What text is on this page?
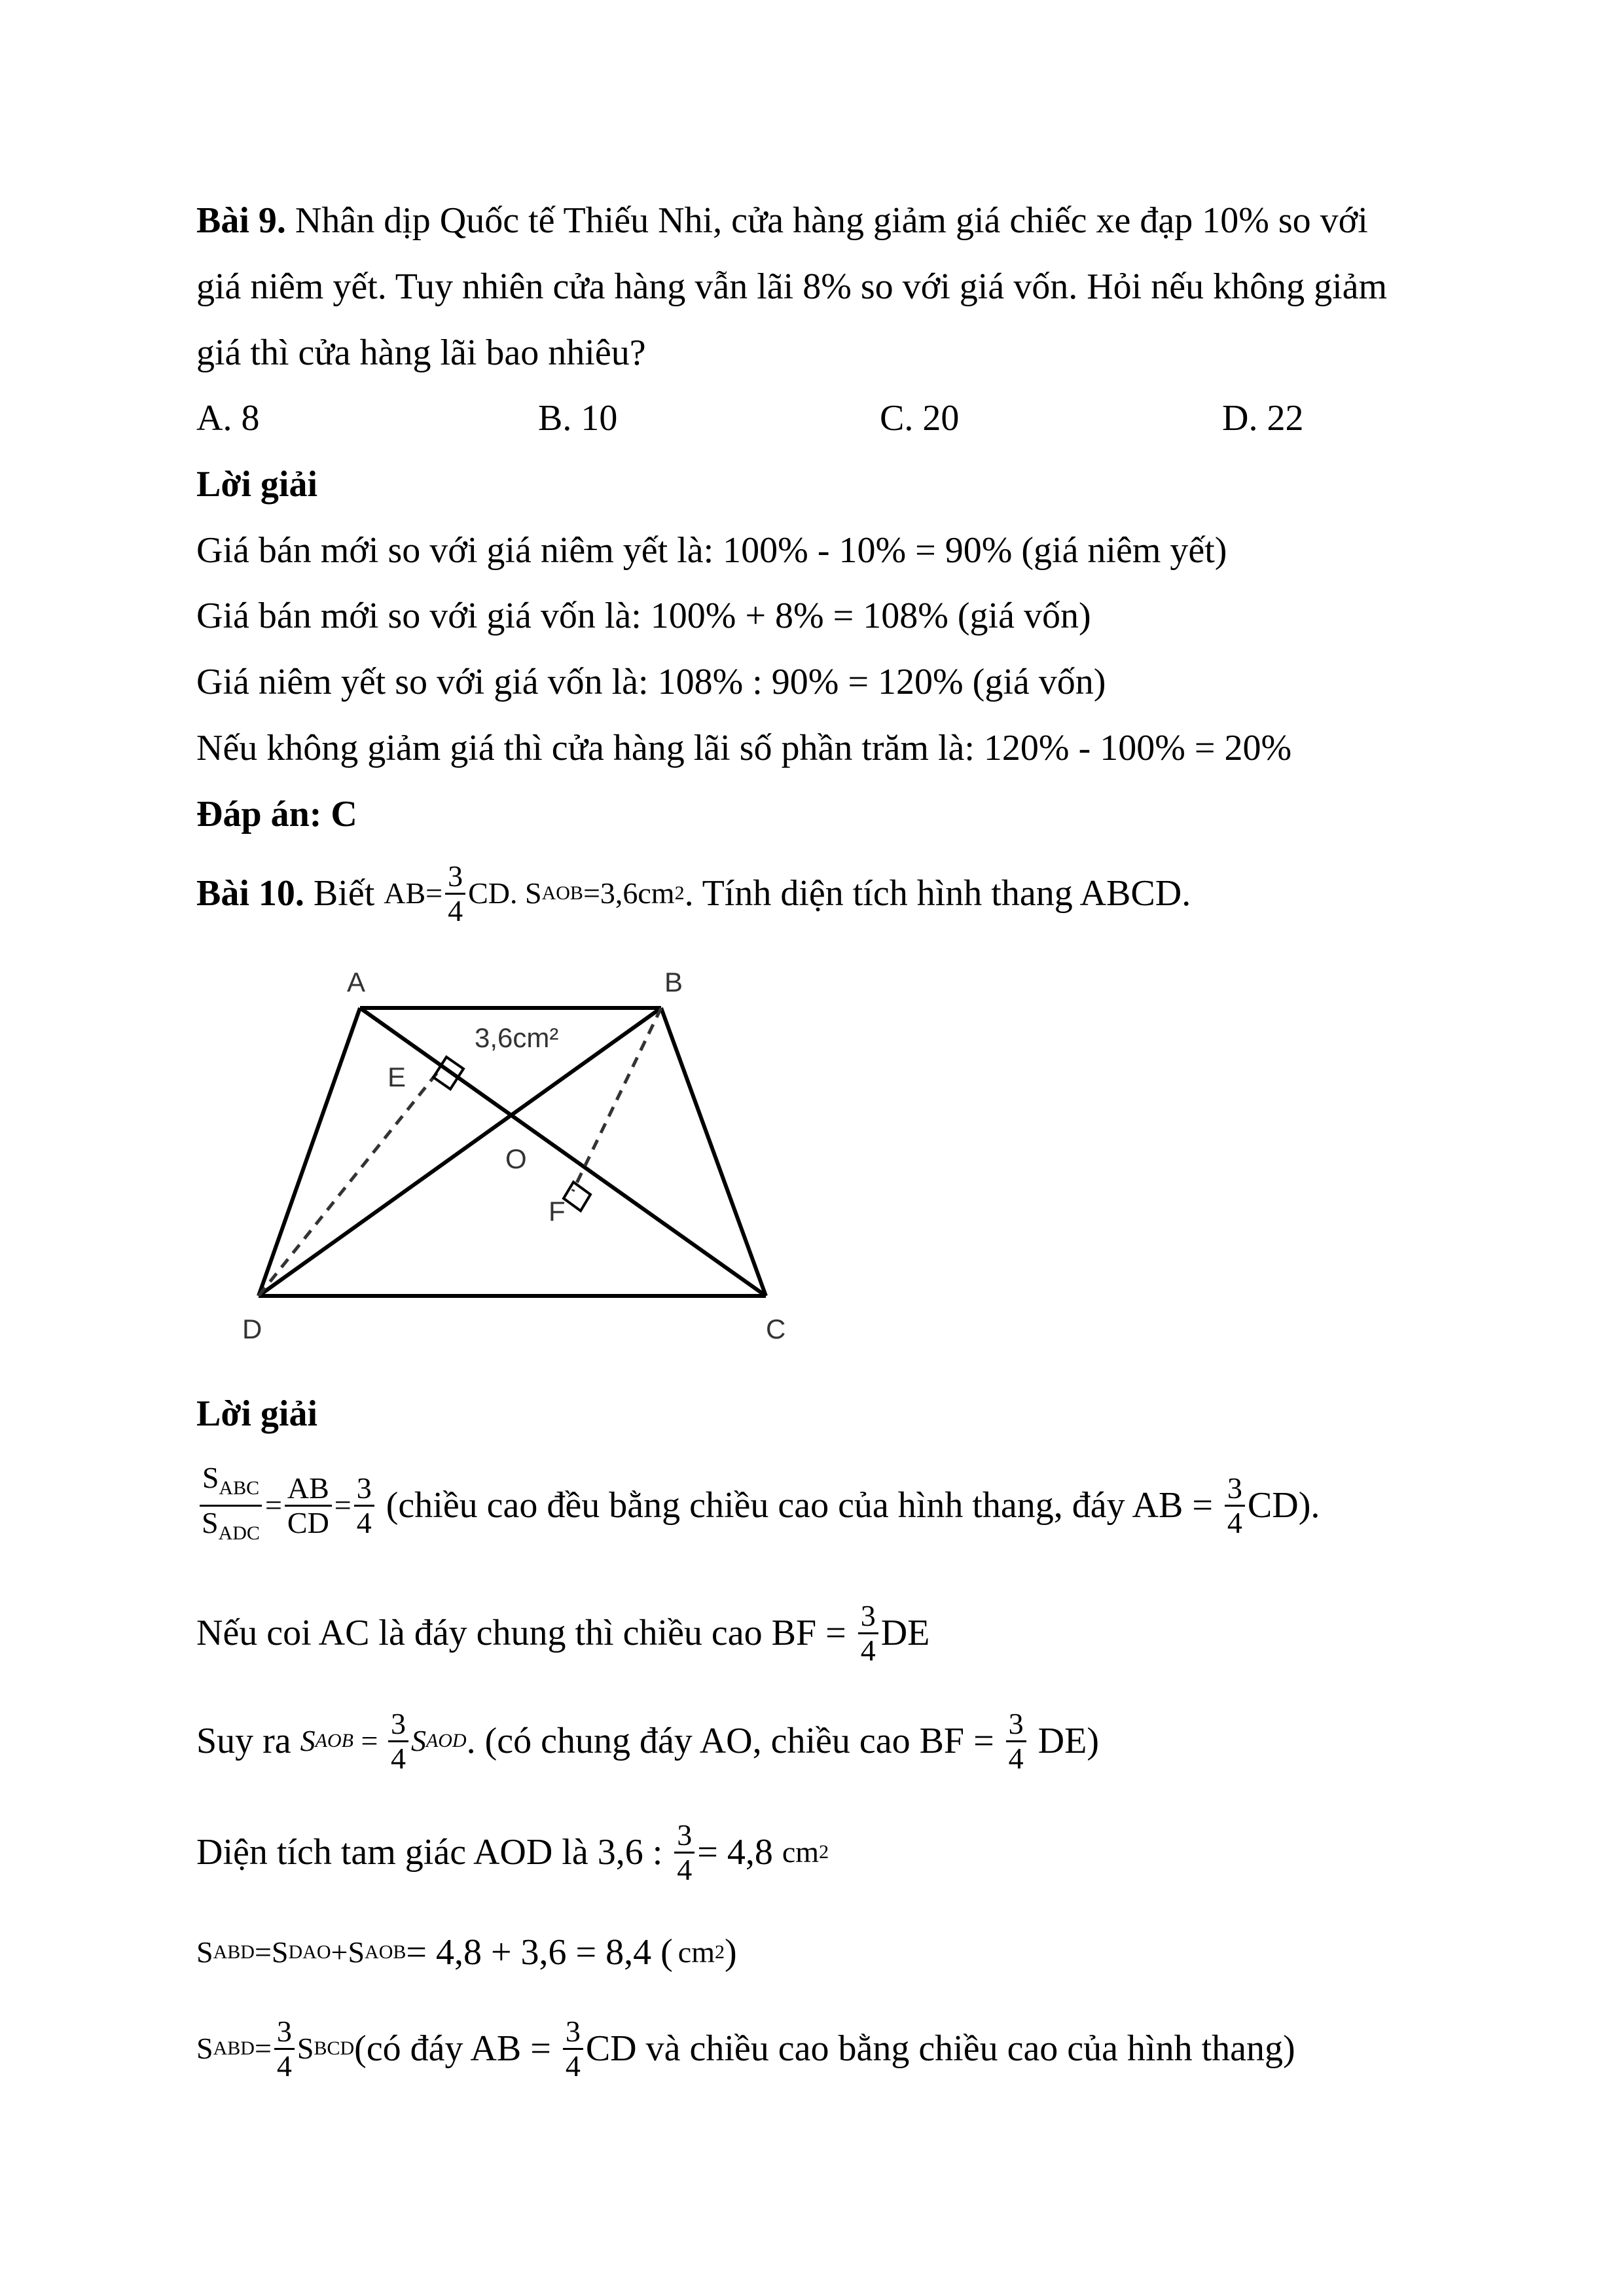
Bài 9. Nhân dịp Quốc tế Thiếu Nhi, cửa hàng giảm giá chiếc xe đạp 10% so với
giá niêm yết. Tuy nhiên cửa hàng vẫn lãi 8% so với giá vốn. Hỏi nếu không giảm
giá thì cửa hàng lãi bao nhiêu?
A. 8	B. 10	C. 20	D. 22
Lời giải
Giá bán mới so với giá niêm yết là: 100% - 10% = 90% (giá niêm yết)
Giá bán mới so với giá vốn là: 100% + 8% = 108% (giá vốn)
Giá niêm yết so với giá vốn là: 108% : 90% = 120% (giá vốn)
Nếu không giảm giá thì cửa hàng lãi số phần trăm là: 120% - 100% = 20%
Đáp án: C
Bài 10. Biết $AB= \frac{3}{4}$ CD . S AOB =3,6cm 2 . Tính diện tích hình thang ABCD.
A	B
D	C
E
F
O
3,6cm²
Lời giải
$\frac{S_{ABC}}{S_{ADC}} = \frac{AB}{CD} = \frac{3}{4}$ (chiều cao đều bằng chiều cao của hình thang, đáy AB = $\frac{3}{4} CD$).
Nếu coi AC là đáy chung thì chiều cao BF = $\frac{3}{4}$ DE
Suy ra S AOB = $\frac{3}{4}$ S AOD . (có chung đáy AO, chiều cao BF = $\frac{3}{4} DE$)
Diện tích tam giác AOD là 3,6 : $\frac{3}{4} = 4,8$ cm 2
S ABD = S DAO + S AOB = 4,8 + 3,6 = 8,4 ( cm 2 )
S ABD = $\frac{3}{4}$ S BCD (có đáy AB = $\frac{3}{4}$ CD và chiều cao bằng chiều cao của hình thang)
